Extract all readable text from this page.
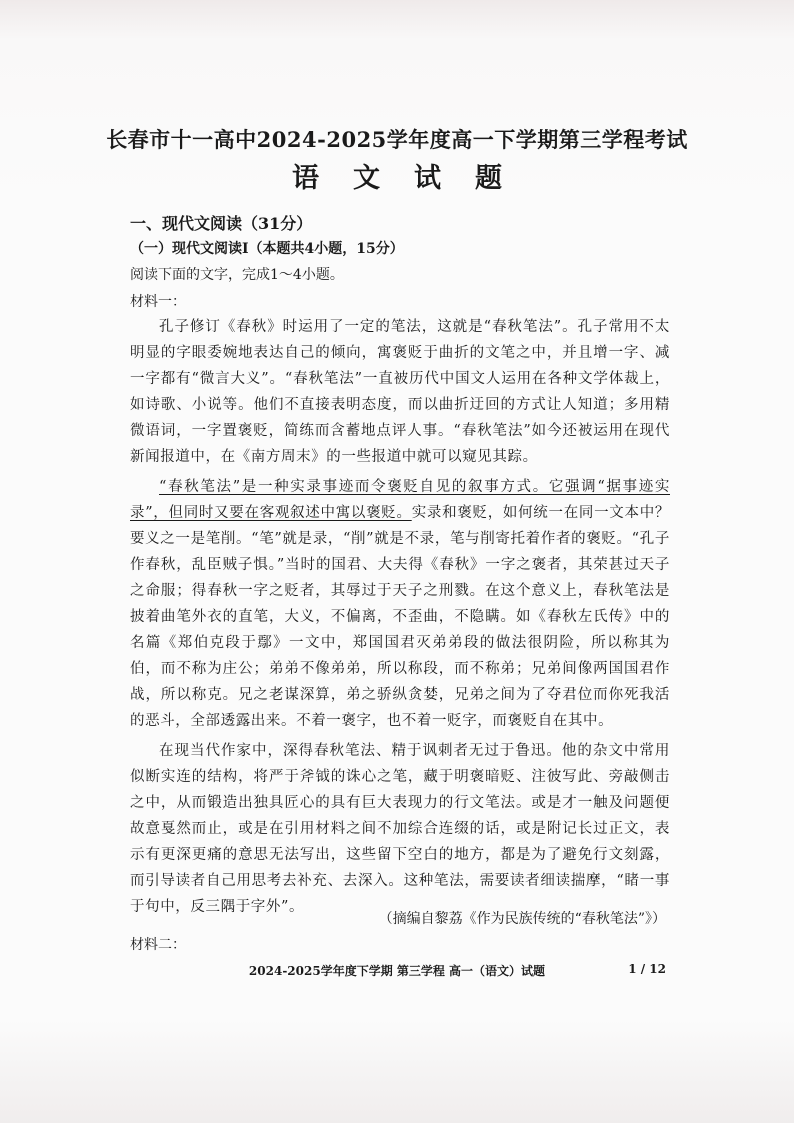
长春市十一高中2024-2025学年度高一下学期第三学程考试
语文试题
一、现代文阅读（31分）
（一）现代文阅读Ⅰ（本题共4小题，15分）
阅读下面的文字，完成1～4小题。
材料一：
孔子修订《春秋》时运用了一定的笔法，这就是“春秋笔法”。孔子常用不太明显的字眼委婉地表达自己的倾向，寓褒贬于曲折的文笔之中，并且增一字、减一字都有“微言大义”。“春秋笔法”一直被历代中国文人运用在各种文学体裁上，如诗歌、小说等。他们不直接表明态度，而以曲折迂回的方式让人知道；多用精微语词，一字置褒贬，简练而含蓄地点评人事。“春秋笔法”如今还被运用在现代新闻报道中，在《南方周末》的一些报道中就可以窥见其踪。
“春秋笔法”是一种实录事迹而令褒贬自见的叙事方式。它强调“据事迹实录”，但同时又要在客观叙述中寓以褒贬。实录和褒贬，如何统一在同一文本中？要义之一是笔削。“笔”就是录，“削”就是不录，笔与削寄托着作者的褒贬。“孔子作春秋，乱臣贼子惧。”当时的国君、大夫得《春秋》一字之褒者，其荣甚过天子之命服；得春秋一字之贬者，其辱过于天子之刑戮。在这个意义上，春秋笔法是披着曲笔外衣的直笔，大义，不偏离，不歪曲，不隐瞒。如《春秋左氏传》中的名篇《郑伯克段于鄢》一文中，郑国国君灭弟弟段的做法很阴险，所以称其为伯，而不称为庄公；弟弟不像弟弟，所以称段，而不称弟；兄弟间像两国国君作战，所以称克。兄之老谋深算，弟之骄纵贪婪，兄弟之间为了夺君位而你死我活的恶斗，全部透露出来。不着一褒字，也不着一贬字，而褒贬自在其中。
在现当代作家中，深得春秋笔法、精于讽刺者无过于鲁迅。他的杂文中常用似断实连的结构，将严于斧钺的诛心之笔，藏于明褒暗贬、注彼写此、旁敲侧击之中，从而锻造出独具匠心的具有巨大表现力的行文笔法。或是才一触及问题便故意戛然而止，或是在引用材料之间不加综合连缀的话，或是附记长过正文，表示有更深更痛的意思无法写出，这些留下空白的地方，都是为了避免行文刻露，而引导读者自己用思考去补充、去深入。这种笔法，需要读者细读揣摩，“睹一事于句中，反三隅于字外”。
（摘编自黎荔《作为民族传统的“春秋笔法”》）
材料二：
2024-2025学年度下学期 第三学程 高一（语文）试题	1 / 12
